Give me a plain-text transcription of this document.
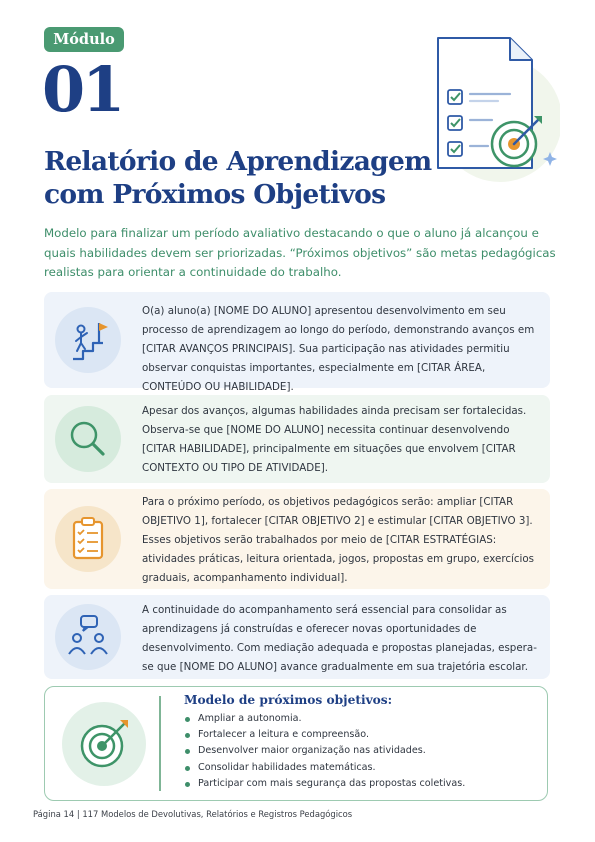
Módulo
01
Relatório de Aprendizagem
com Próximos Objetivos
Modelo para finalizar um período avaliativo destacando o que o aluno já alcançou e quais habilidades devem ser priorizadas. “Próximos objetivos” são metas pedagógicas realistas para orientar a continuidade do trabalho.
O(a) aluno(a) [NOME DO ALUNO] apresentou desenvolvimento em seu processo de aprendizagem ao longo do período, demonstrando avanços em [CITAR AVANÇOS PRINCIPAIS]. Sua participação nas atividades permitiu observar conquistas importantes, especialmente em [CITAR ÁREA, CONTEÚDO OU HABILIDADE].
Apesar dos avanços, algumas habilidades ainda precisam ser fortalecidas. Observa-se que [NOME DO ALUNO] necessita continuar desenvolvendo [CITAR HABILIDADE], principalmente em situações que envolvem [CITAR CONTEXTO OU TIPO DE ATIVIDADE].
Para o próximo período, os objetivos pedagógicos serão: ampliar [CITAR OBJETIVO 1], fortalecer [CITAR OBJETIVO 2] e estimular [CITAR OBJETIVO 3]. Esses objetivos serão trabalhados por meio de [CITAR ESTRATÉGIAS: atividades práticas, leitura orientada, jogos, propostas em grupo, exercícios graduais, acompanhamento individual].
A continuidade do acompanhamento será essencial para consolidar as aprendizagens já construídas e oferecer novas oportunidades de desenvolvimento. Com mediação adequada e propostas planejadas, espera-se que [NOME DO ALUNO] avance gradualmente em sua trajetória escolar.
Modelo de próximos objetivos:
Ampliar a autonomia.
Fortalecer a leitura e compreensão.
Desenvolver maior organização nas atividades.
Consolidar habilidades matemáticas.
Participar com mais segurança das propostas coletivas.
Página 14 | 117 Modelos de Devolutivas, Relatórios e Registros Pedagógicos
